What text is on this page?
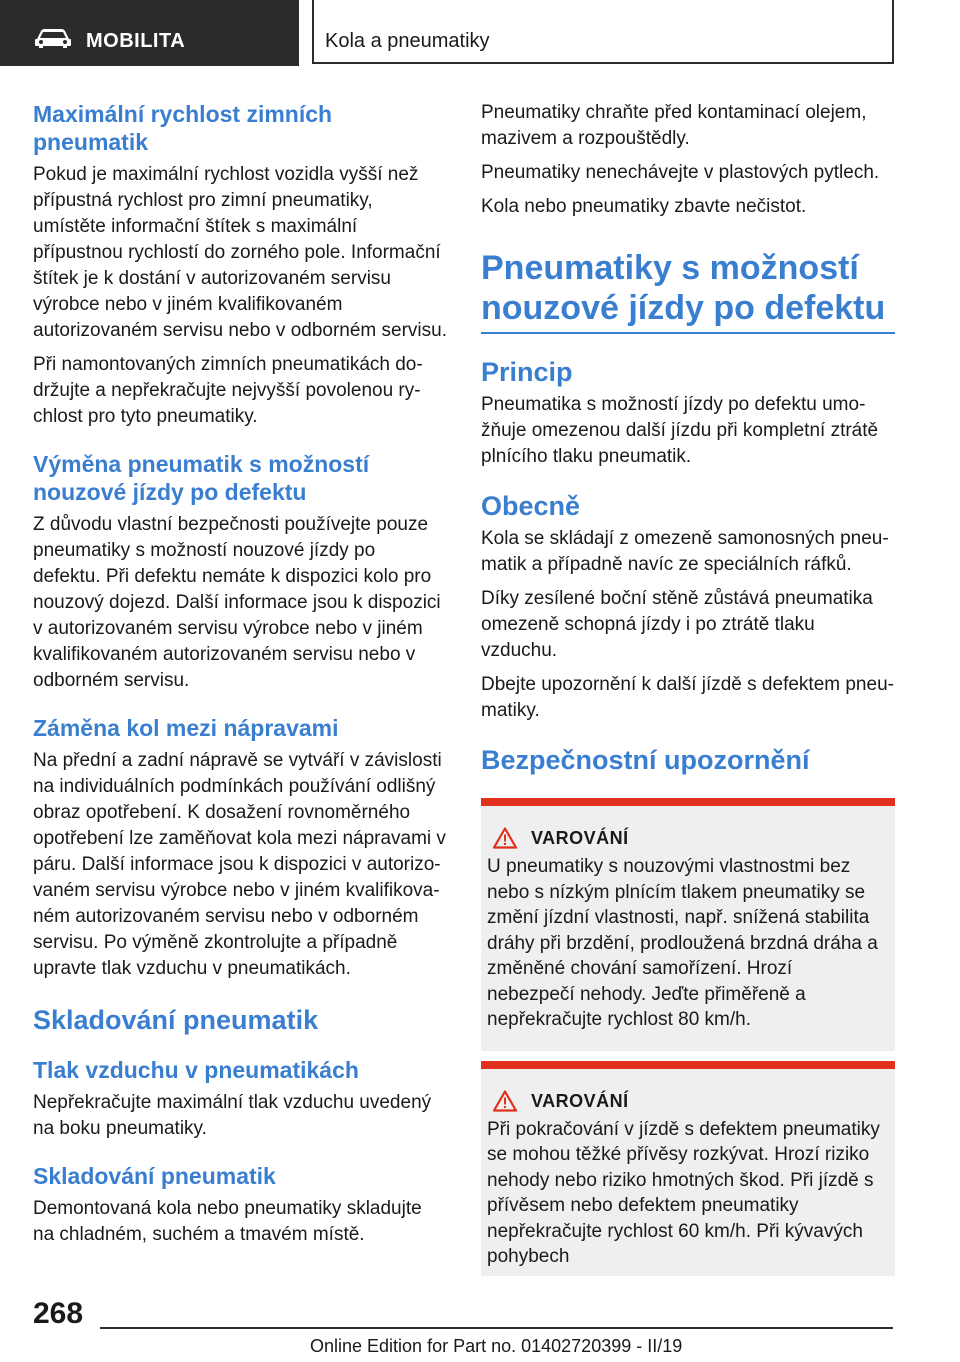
MOBILITA	Kola a pneumatiky
Maximální rychlost zimních pneumatik

Pokud je maximální rychlost vozidla vyšší než přípustná rychlost pro zimní pneumatiky, umístěte informační štítek s maximální přípustnou rychlostí do zorného pole. Informační štítek je k dostání v autorizovaném servisu výrobce nebo v jiném kvalifikovaném autorizovaném servisu nebo v odborném servisu.

Při namontovaných zimních pneumatikách dodržujte a nepřekračujte nejvyšší povolenou rychlost pro tyto pneumatiky.

Výměna pneumatik s možností nouzové jízdy po defektu

Z důvodu vlastní bezpečnosti používejte pouze pneumatiky s možností nouzové jízdy po defektu. Při defektu nemáte k dispozici kolo pro nouzový dojezd. Další informace jsou k dispozici v autorizovaném servisu výrobce nebo v jiném kvalifikovaném autorizovaném servisu nebo v odborném servisu.

Záměna kol mezi nápravami

Na přední a zadní nápravě se vytváří v závislosti na individuálních podmínkách používání odlišný obraz opotřebení. K dosažení rovnoměrného opotřebení lze zaměňovat kola mezi nápravami v páru. Další informace jsou k dispozici v autorizovaném servisu výrobce nebo v jiném kvalifikovaném autorizovaném servisu nebo v odborném servisu. Po výměně zkontrolujte a případně upravte tlak vzduchu v pneumatikách.

Skladování pneumatik
Tlak vzduchu v pneumatikách

Nepřekračujte maximální tlak vzduchu uvedený na boku pneumatiky.

Skladování pneumatik

Demontovaná kola nebo pneumatiky skladujte na chladném, suchém a tmavém místě.

Pneumatiky chraňte před kontaminací olejem, mazivem a rozpouštědly.

Pneumatiky nenechávejte v plastových pytlech.

Kola nebo pneumatiky zbavte nečistot.

Pneumatiky s možností nouzové jízdy po defektu
Princip

Pneumatika s možností jízdy po defektu umožňuje omezenou další jízdu při kompletní ztrátě plnícího tlaku pneumatik.

Obecně

Kola se skládají z omezeně samonosných pneumatik a případně navíc ze speciálních ráfků.

Díky zesílené boční stěně zůstává pneumatika omezeně schopná jízdy i po ztrátě tlaku vzduchu.

Dbejte upozornění k další jízdě s defektem pneumatiky.

Bezpečnostní upozornění
VAROVÁNÍ

U pneumatiky s nouzovými vlastnostmi bez nebo s nízkým plnícím tlakem pneumatiky se změní jízdní vlastnosti, např. snížená stabilita dráhy při brzdění, prodloužená brzdná dráha a změněné chování samořízení. Hrozí nebezpečí nehody. Jeďte přiměřeně a nepřekračujte rychlost 80 km/h.

VAROVÁNÍ

Při pokračování v jízdě s defektem pneumatiky se mohou těžké přívěsy rozkývat. Hrozí riziko nehody nebo riziko hmotných škod. Při jízdě s přívěsem nebo defektem pneumatiky nepřekračujte rychlost 60 km/h. Při kývavých pohybech

268
Online Edition for Part no. 01402720399 - II/19
